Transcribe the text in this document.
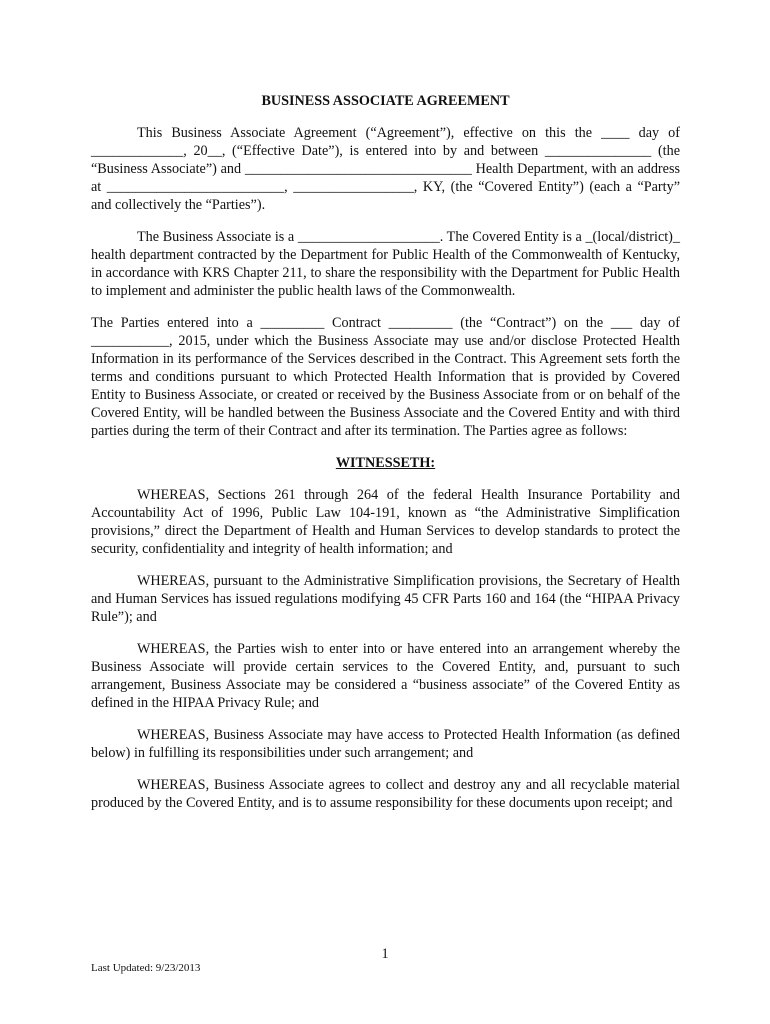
BUSINESS ASSOCIATE AGREEMENT

This Business Associate Agreement (“Agreement”), effective on this the ____ day of _____________, 20__, (“Effective Date”), is entered into by and between _______________ (the “Business Associate”) and ________________________________ Health Department, with an address at _________________________, _________________, KY, (the “Covered Entity”) (each a “Party” and collectively the “Parties”).

The Business Associate is a ____________________. The Covered Entity is a _(local/district)_ health department contracted by the Department for Public Health of the Commonwealth of Kentucky, in accordance with KRS Chapter 211, to share the responsibility with the Department for Public Health to implement and administer the public health laws of the Commonwealth.

The Parties entered into a _________ Contract _________ (the “Contract”) on the ___ day of ___________, 2015, under which the Business Associate may use and/or disclose Protected Health Information in its performance of the Services described in the Contract. This Agreement sets forth the terms and conditions pursuant to which Protected Health Information that is provided by Covered Entity to Business Associate, or created or received by the Business Associate from or on behalf of the Covered Entity, will be handled between the Business Associate and the Covered Entity and with third parties during the term of their Contract and after its termination. The Parties agree as follows:

WITNESSETH:

WHEREAS, Sections 261 through 264 of the federal Health Insurance Portability and Accountability Act of 1996, Public Law 104-191, known as “the Administrative Simplification provisions,” direct the Department of Health and Human Services to develop standards to protect the security, confidentiality and integrity of health information; and

WHEREAS, pursuant to the Administrative Simplification provisions, the Secretary of Health and Human Services has issued regulations modifying 45 CFR Parts 160 and 164 (the “HIPAA Privacy Rule”); and

WHEREAS, the Parties wish to enter into or have entered into an arrangement whereby the Business Associate will provide certain services to the Covered Entity, and, pursuant to such arrangement, Business Associate may be considered a “business associate” of the Covered Entity as defined in the HIPAA Privacy Rule; and

WHEREAS, Business Associate may have access to Protected Health Information (as defined below) in fulfilling its responsibilities under such arrangement; and

WHEREAS, Business Associate agrees to collect and destroy any and all recyclable material produced by the Covered Entity, and is to assume responsibility for these documents upon receipt; and

1
Last Updated: 9/23/2013
